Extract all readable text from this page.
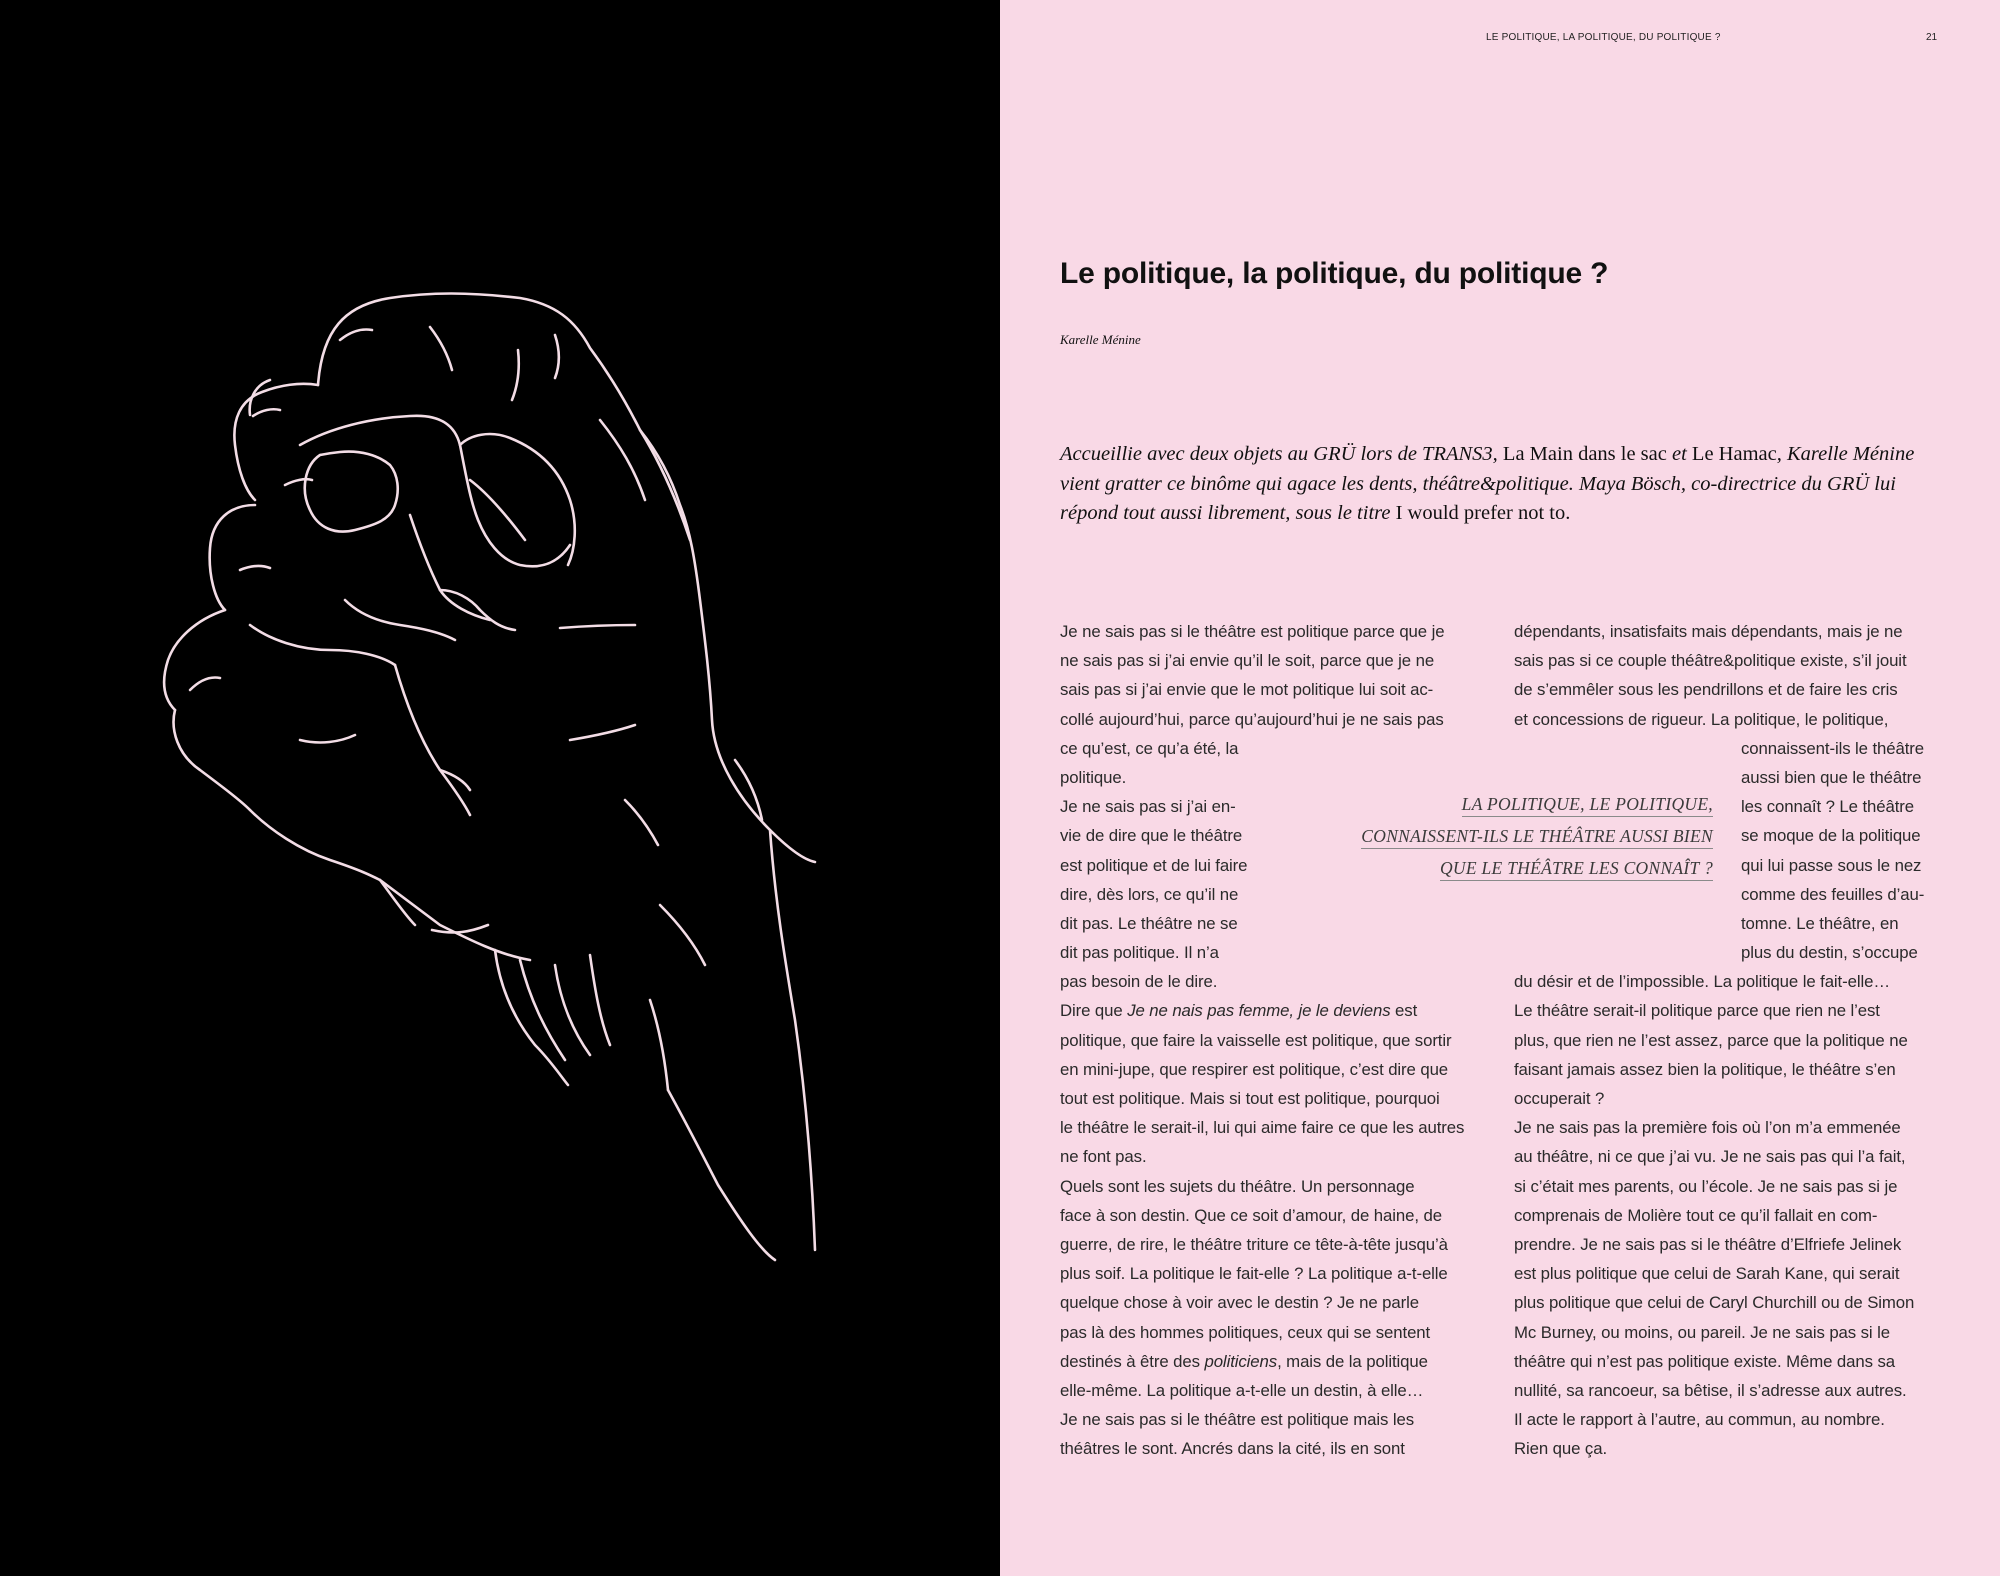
LE POLITIQUE, LA POLITIQUE, DU POLITIQUE ?	21
Le politique, la politique, du politique ?
Karelle Ménine
Accueillie avec deux objets au GRÜ lors de TRANS3, La Main dans le sac et Le Hamac, Karelle Ménine vient gratter ce binôme qui agace les dents, théâtre&politique. Maya Bösch, co-directrice du GRÜ lui répond tout aussi librement, sous le titre I would prefer not to.
Je ne sais pas si le théâtre est politique parce que je
ne sais pas si j’ai envie qu’il le soit, parce que je ne
sais pas si j’ai envie que le mot politique lui soit ac-
collé aujourd’hui, parce qu’aujourd’hui je ne sais pas
ce qu’est, ce qu’a été, la
politique.
Je ne sais pas si j’ai en-
vie de dire que le théâtre
est politique et de lui faire
dire, dès lors, ce qu’il ne
dit pas. Le théâtre ne se
dit pas politique. Il n’a
pas besoin de le dire.
Dire que Je ne nais pas femme, je le deviens est
politique, que faire la vaisselle est politique, que sortir
en mini-jupe, que respirer est politique, c’est dire que
tout est politique. Mais si tout est politique, pourquoi
le théâtre le serait-il, lui qui aime faire ce que les autres
ne font pas.
Quels sont les sujets du théâtre. Un personnage
face à son destin. Que ce soit d’amour, de haine, de
guerre, de rire, le théâtre triture ce tête-à-tête jusqu’à
plus soif. La politique le fait-elle ? La politique a-t-elle
quelque chose à voir avec le destin ? Je ne parle
pas là des hommes politiques, ceux qui se sentent
destinés à être des politiciens, mais de la politique
elle-même. La politique a-t-elle un destin, à elle…
Je ne sais pas si le théâtre est politique mais les
théâtres le sont. Ancrés dans la cité, ils en sont
dépendants, insatisfaits mais dépendants, mais je ne
sais pas si ce couple théâtre&politique existe, s’il jouit
de s’emmêler sous les pendrillons et de faire les cris
et concessions de rigueur. La politique, le politique,
connaissent-ils le théâtre
aussi bien que le théâtre
les connaît ? Le théâtre
se moque de la politique
qui lui passe sous le nez
comme des feuilles d’au-
tomne. Le théâtre, en
plus du destin, s’occupe
du désir et de l’impossible. La politique le fait-elle…
Le théâtre serait-il politique parce que rien ne l’est
plus, que rien ne l’est assez, parce que la politique ne
faisant jamais assez bien la politique, le théâtre s’en
occuperait ?
Je ne sais pas la première fois où l’on m’a emmenée
au théâtre, ni ce que j’ai vu. Je ne sais pas qui l’a fait,
si c’était mes parents, ou l’école. Je ne sais pas si je
comprenais de Molière tout ce qu’il fallait en com-
prendre. Je ne sais pas si le théâtre d’Elfriefe Jelinek
est plus politique que celui de Sarah Kane, qui serait
plus politique que celui de Caryl Churchill ou de Simon
Mc Burney, ou moins, ou pareil. Je ne sais pas si le
théâtre qui n’est pas politique existe. Même dans sa
nullité, sa rancoeur, sa bêtise, il s’adresse aux autres.
Il acte le rapport à l’autre, au commun, au nombre.
Rien que ça.
LA POLITIQUE, LE POLITIQUE,
CONNAISSENT-ILS LE THÉÂTRE AUSSI BIEN
QUE LE THÉÂTRE LES CONNAÎT ?
